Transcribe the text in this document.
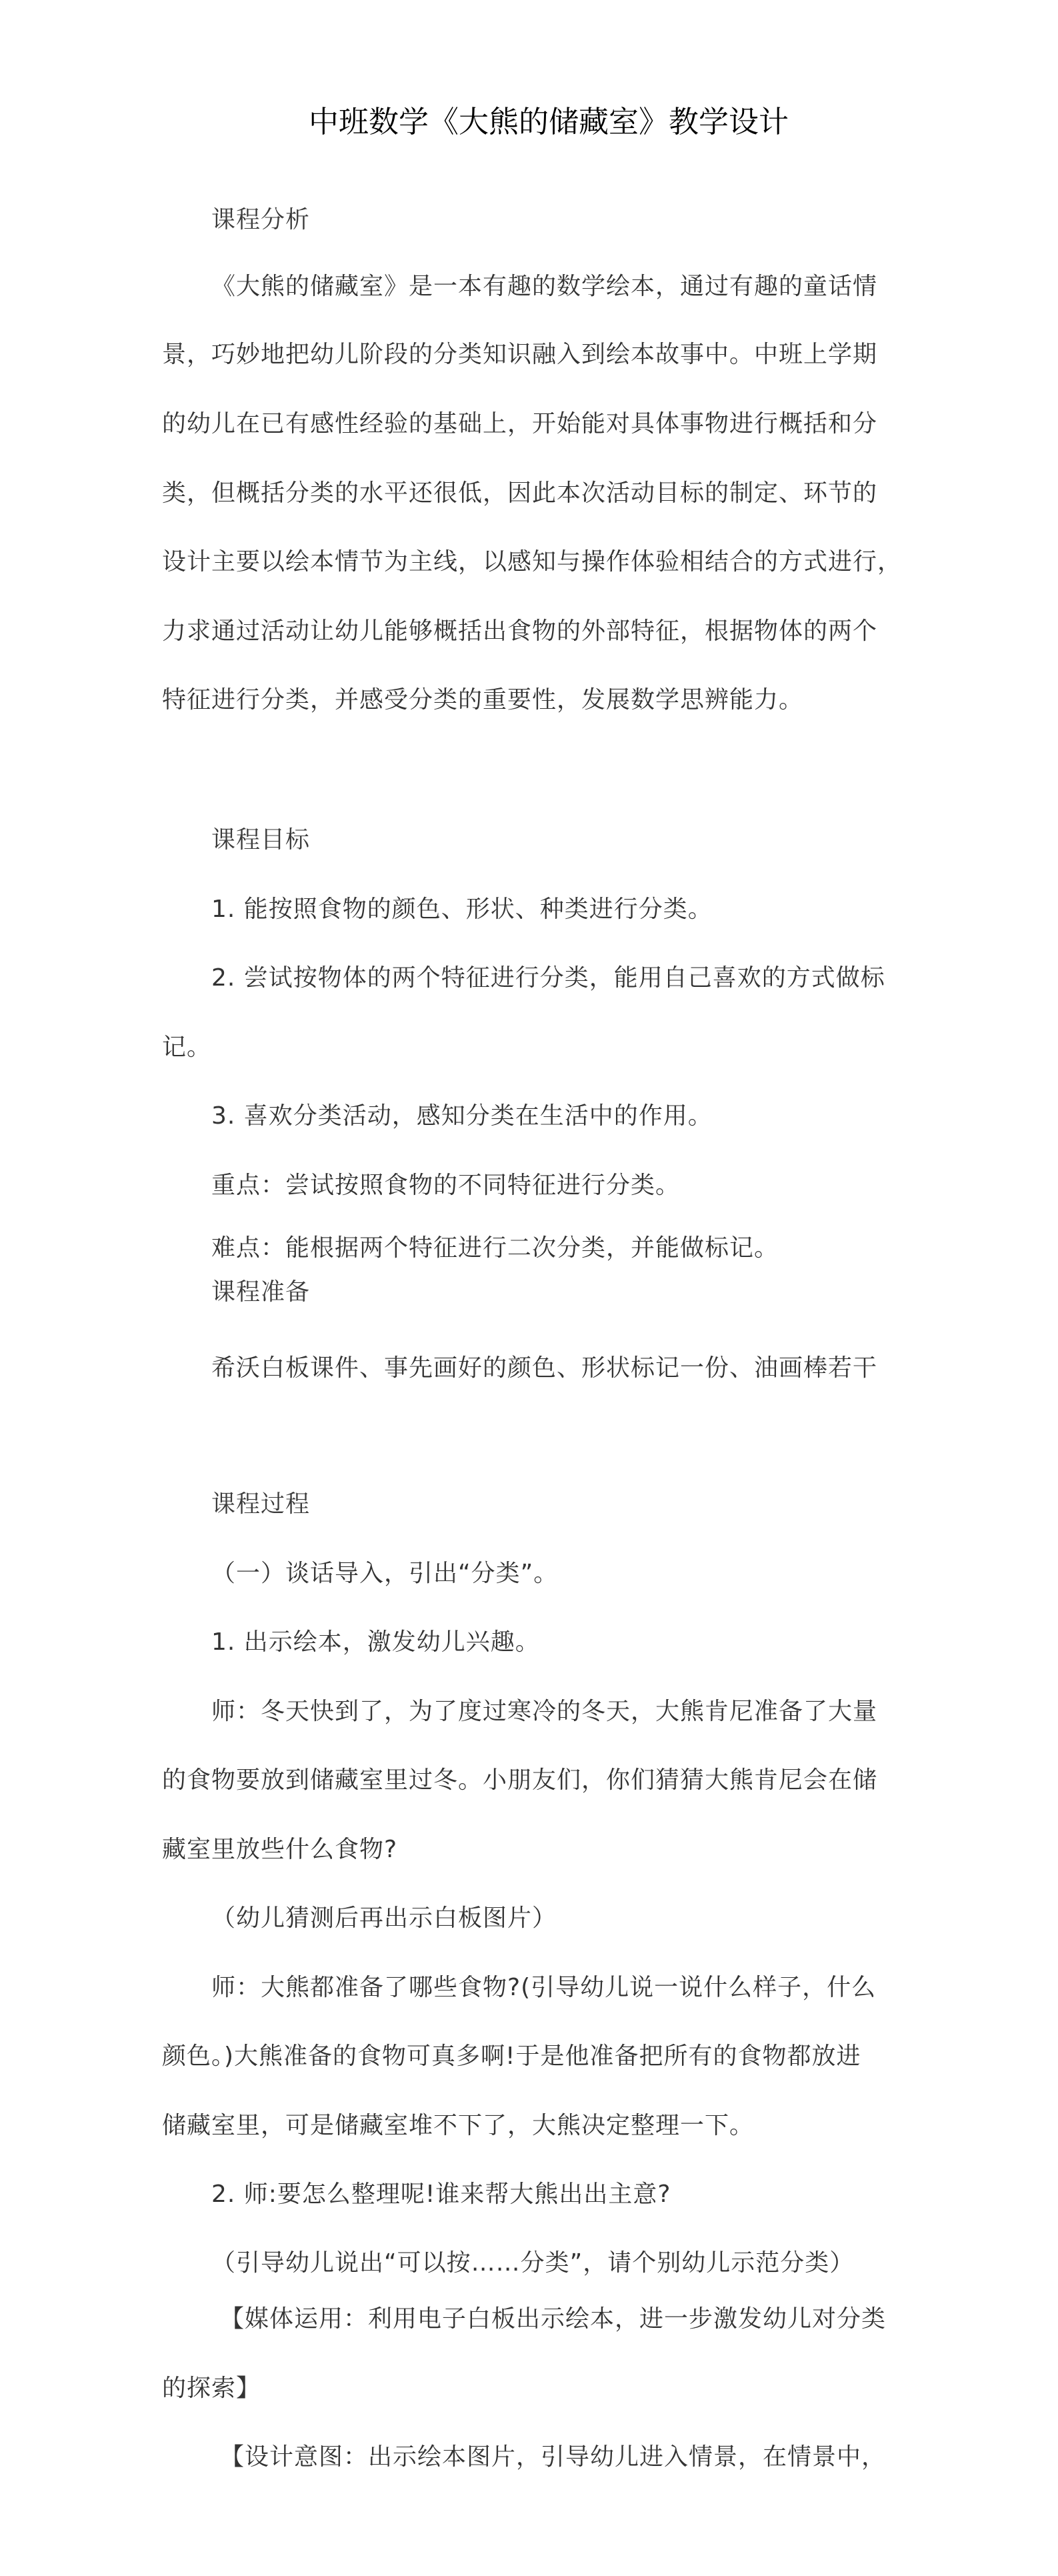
中班数学《大熊的储藏室》教学设计
课程分析
《大熊的储藏室》是一本有趣的数学绘本，通过有趣的童话情
景，巧妙地把幼儿阶段的分类知识融入到绘本故事中。中班上学期
的幼儿在已有感性经验的基础上，开始能对具体事物进行概括和分
类，但概括分类的水平还很低，因此本次活动目标的制定、环节的
设计主要以绘本情节为主线，以感知与操作体验相结合的方式进行，
力求通过活动让幼儿能够概括出食物的外部特征，根据物体的两个
特征进行分类，并感受分类的重要性，发展数学思辨能力。
课程目标
1. 能按照食物的颜色、形状、种类进行分类。
2. 尝试按物体的两个特征进行分类，能用自己喜欢的方式做标
记。
3. 喜欢分类活动，感知分类在生活中的作用。
重点：尝试按照食物的不同特征进行分类。
难点：能根据两个特征进行二次分类，并能做标记。
课程准备
希沃白板课件、事先画好的颜色、形状标记一份、油画棒若干
课程过程
（一）谈话导入，引出“分类”。
1. 出示绘本，激发幼儿兴趣。
师：冬天快到了，为了度过寒冷的冬天，大熊肯尼准备了大量
的食物要放到储藏室里过冬。小朋友们，你们猜猜大熊肯尼会在储
藏室里放些什么食物?
（幼儿猜测后再出示白板图片）
师：大熊都准备了哪些食物?(引导幼儿说一说什么样子，什么
颜色。)大熊准备的食物可真多啊!于是他准备把所有的食物都放进
储藏室里，可是储藏室堆不下了，大熊决定整理一下。
2. 师:要怎么整理呢!谁来帮大熊出出主意?
（引导幼儿说出“可以按……分类”，请个别幼儿示范分类）
【媒体运用：利用电子白板出示绘本，进一步激发幼儿对分类
的探索】
【设计意图：出示绘本图片，引导幼儿进入情景，在情景中，
